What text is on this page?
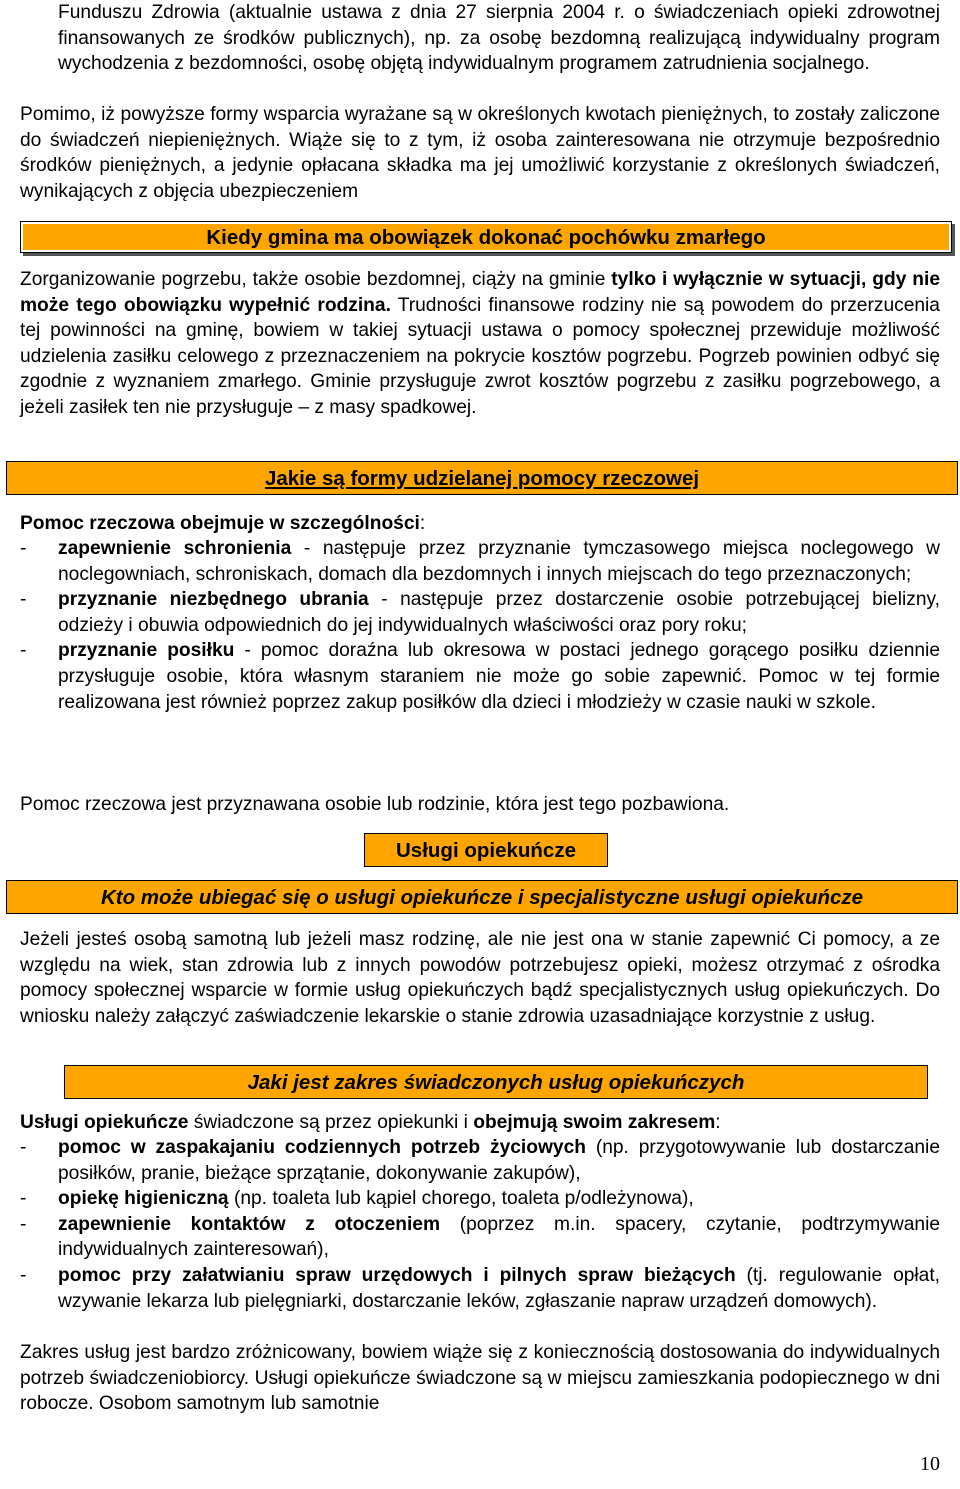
Funduszu Zdrowia (aktualnie ustawa z dnia 27 sierpnia 2004 r. o świadczeniach opieki zdrowotnej finansowanych ze środków publicznych), np. za osobę bezdomną realizującą indywidualny program wychodzenia z bezdomności, osobę objętą indywidualnym programem zatrudnienia socjalnego.

Pomimo, iż powyższe formy wsparcia wyrażane są w określonych kwotach pieniężnych, to zostały zaliczone do świadczeń niepieniężnych. Wiąże się to z tym, iż osoba zainteresowana nie otrzymuje bezpośrednio środków pieniężnych, a jedynie opłacana składka ma jej umożliwić korzystanie z określonych świadczeń, wynikających z objęcia ubezpieczeniem

Kiedy gmina ma obowiązek dokonać pochówku zmarłego

Zorganizowanie pogrzebu, także osobie bezdomnej, ciąży na gminie tylko i wyłącznie w sytuacji, gdy nie może tego obowiązku wypełnić rodzina. Trudności finansowe rodziny nie są powodem do przerzucenia tej powinności na gminę, bowiem w takiej sytuacji ustawa o pomocy społecznej przewiduje możliwość udzielenia zasiłku celowego z przeznaczeniem na pokrycie kosztów pogrzebu. Pogrzeb powinien odbyć się zgodnie z wyznaniem zmarłego. Gminie przysługuje zwrot kosztów pogrzebu z zasiłku pogrzebowego, a jeżeli zasiłek ten nie przysługuje – z masy spadkowej.

Jakie są formy udzielanej pomocy rzeczowej

Pomoc rzeczowa obejmuje w szczególności:

-	zapewnienie schronienia - następuje przez przyznanie tymczasowego miejsca noclegowego w noclegowniach, schroniskach, domach dla bezdomnych i innych miejscach do tego przeznaczonych;
-	przyznanie niezbędnego ubrania - następuje przez dostarczenie osobie potrzebującej bielizny, odzieży i obuwia odpowiednich do jej indywidualnych właściwości oraz pory roku;
-	przyznanie posiłku - pomoc doraźna lub okresowa w postaci jednego gorącego posiłku dziennie przysługuje osobie, która własnym staraniem nie może go sobie zapewnić. Pomoc w tej formie realizowana jest również poprzez zakup posiłków dla dzieci i młodzieży w czasie nauki w szkole.

Pomoc rzeczowa jest przyznawana osobie lub rodzinie, która jest tego pozbawiona.

Usługi opiekuńcze
Kto może ubiegać się o usługi opiekuńcze i specjalistyczne usługi opiekuńcze

Jeżeli jesteś osobą samotną lub jeżeli masz rodzinę, ale nie jest ona w stanie zapewnić Ci pomocy, a ze względu na wiek, stan zdrowia lub z innych powodów potrzebujesz opieki, możesz otrzymać z ośrodka pomocy społecznej wsparcie w formie usług opiekuńczych bądź specjalistycznych usług opiekuńczych. Do wniosku należy załączyć zaświadczenie lekarskie o stanie zdrowia uzasadniające korzystnie z usług.

Jaki jest zakres świadczonych usług opiekuńczych

Usługi opiekuńcze świadczone są przez opiekunki i obejmują swoim zakresem:

-	pomoc w zaspakajaniu codziennych potrzeb życiowych (np. przygotowywanie lub dostarczanie posiłków, pranie, bieżące sprzątanie, dokonywanie zakupów),
-	opiekę higieniczną (np. toaleta lub kąpiel chorego, toaleta p/odleżynowa),
-	zapewnienie kontaktów z otoczeniem (poprzez m.in. spacery, czytanie, podtrzymywanie indywidualnych zainteresowań),
-	pomoc przy załatwianiu spraw urzędowych i pilnych spraw bieżących (tj. regulowanie opłat, wzywanie lekarza lub pielęgniarki, dostarczanie leków, zgłaszanie napraw urządzeń domowych).

Zakres usług jest bardzo zróżnicowany, bowiem wiąże się z koniecznością dostosowania do indywidualnych potrzeb świadczeniobiorcy. Usługi opiekuńcze świadczone są w miejscu zamieszkania podopiecznego w dni robocze. Osobom samotnym lub samotnie

10
